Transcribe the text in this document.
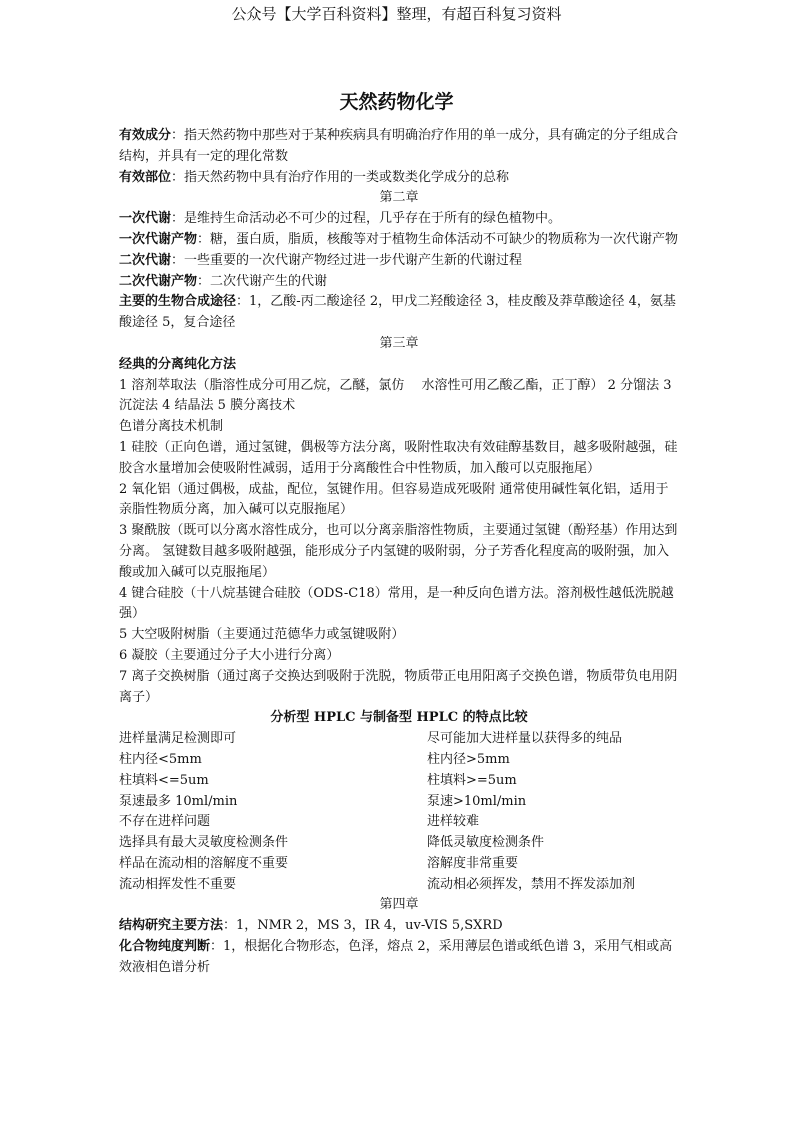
公众号【大学百科资料】整理，有超百科复习资料
天然药物化学

有效成分：指天然药物中那些对于某种疾病具有明确治疗作用的单一成分，具有确定的分子组成合结构，并具有一定的理化常数

有效部位：指天然药物中具有治疗作用的一类或数类化学成分的总称

第二章

一次代谢：是维持生命活动必不可少的过程，几乎存在于所有的绿色植物中。

一次代谢产物：糖，蛋白质，脂质，核酸等对于植物生命体活动不可缺少的物质称为一次代谢产物

二次代谢：一些重要的一次代谢产物经过进一步代谢产生新的代谢过程

二次代谢产物：二次代谢产生的代谢

主要的生物合成途径：1，乙酸-丙二酸途径 2，甲戊二羟酸途径 3，桂皮酸及莽草酸途径 4，氨基酸途径 5，复合途径

第三章

经典的分离纯化方法

1 溶剂萃取法（脂溶性成分可用乙烷，乙醚，氯仿　 水溶性可用乙酸乙酯，正丁醇） 2 分馏法 3 沉淀法 4 结晶法 5 膜分离技术

色谱分离技术机制

1 硅胶（正向色谱，通过氢键，偶极等方法分离，吸附性取决有效硅醇基数目，越多吸附越强，硅胶含水量增加会使吸附性减弱，适用于分离酸性合中性物质，加入酸可以克服拖尾）

2 氧化铝（通过偶极，成盐，配位，氢键作用。但容易造成死吸附 通常使用碱性氧化铝，适用于亲脂性物质分离，加入碱可以克服拖尾）

3 聚酰胺（既可以分离水溶性成分，也可以分离亲脂溶性物质，主要通过氢键（酚羟基）作用达到分离。 氢键数目越多吸附越强，能形成分子内氢键的吸附弱，分子芳香化程度高的吸附强，加入酸或加入碱可以克服拖尾）

4 键合硅胶（十八烷基键合硅胶（ODS-C18）常用，是一种反向色谱方法。溶剂极性越低洗脱越强）

5 大空吸附树脂（主要通过范德华力或氢键吸附）

6 凝胶（主要通过分子大小进行分离）

7 离子交换树脂（通过离子交换达到吸附于洗脱，物质带正电用阳离子交换色谱，物质带负电用阴离子）

分析型 HPLC 与制备型 HPLC 的特点比较

进样量满足检测即可	尽可能加大进样量以获得多的纯品
柱内径<5mm	柱内径>5mm
柱填料<=5um	柱填料>=5um
泵速最多 10ml/min	泵速>10ml/min
不存在进样问题	进样较难
选择具有最大灵敏度检测条件	降低灵敏度检测条件
样品在流动相的溶解度不重要	溶解度非常重要
流动相挥发性不重要	流动相必须挥发，禁用不挥发添加剂

第四章

结构研究主要方法：1，NMR 2，MS 3，IR 4，uv-VIS 5,SXRD

化合物纯度判断：1，根据化合物形态，色泽，熔点 2，采用薄层色谱或纸色谱 3，采用气相或高效液相色谱分析
